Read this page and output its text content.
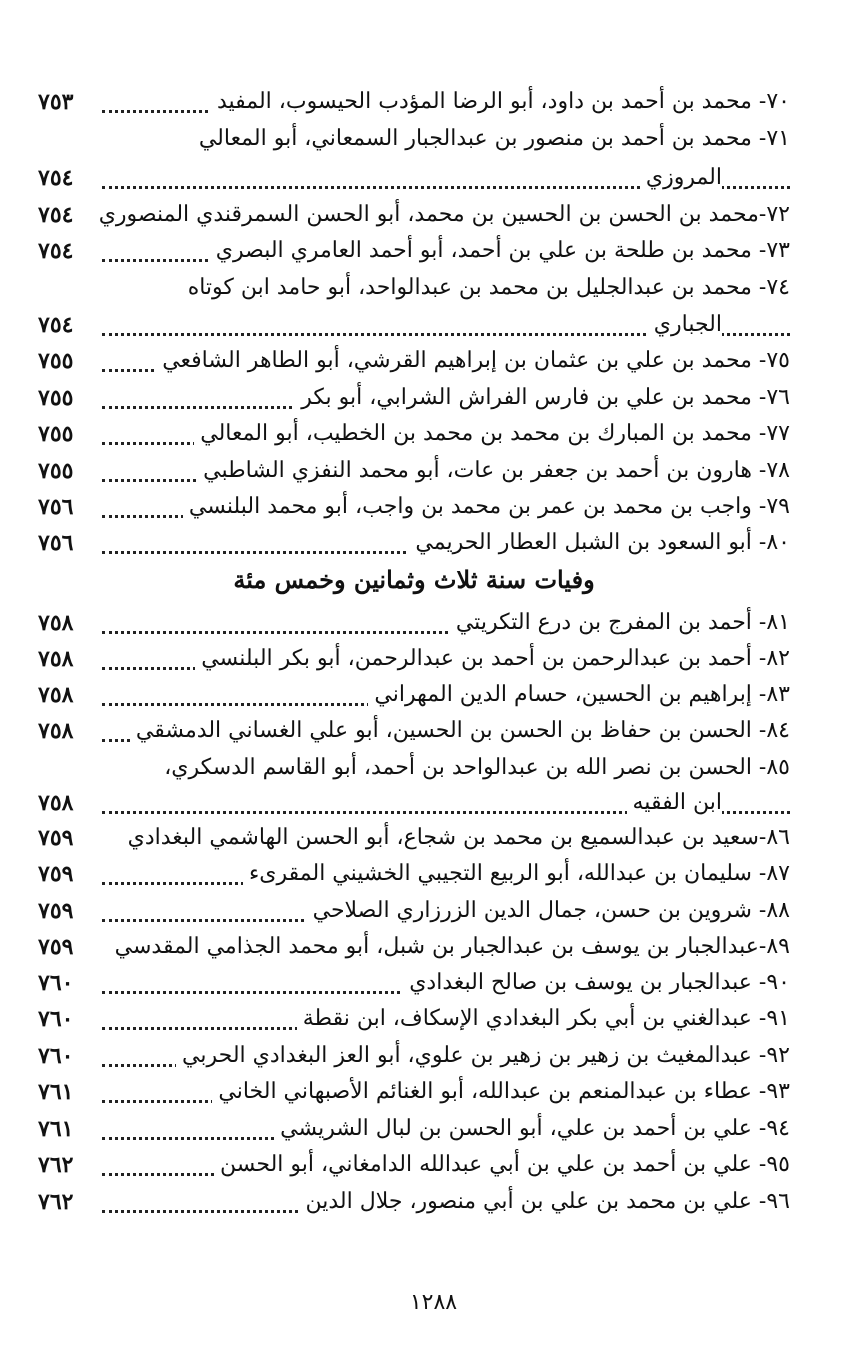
٧٠- محمد بن أحمد بن داود، أبو الرضا المؤدب الحيسوب، المفيد
٧٥٣
٧١- محمد بن أحمد بن منصور بن عبدالجبار السمعاني، أبو المعالي
المروزي
٧٥٤
٧٢-محمد بن الحسن بن الحسين بن محمد، أبو الحسن السمرقندي المنصوري
٧٥٤
٧٣- محمد بن طلحة بن علي بن أحمد، أبو أحمد العامري البصري
٧٥٤
٧٤- محمد بن عبدالجليل بن محمد بن عبدالواحد، أبو حامد ابن كوتاه
الجباري
٧٥٤
٧٥- محمد بن علي بن عثمان بن إبراهيم القرشي، أبو الطاهر الشافعي
٧٥٥
٧٦- محمد بن علي بن فارس الفراش الشرابي، أبو بكر
٧٥٥
٧٧- محمد بن المبارك بن محمد بن محمد بن الخطيب، أبو المعالي
٧٥٥
٧٨- هارون بن أحمد بن جعفر بن عات، أبو محمد النفزي الشاطبي
٧٥٥
٧٩- واجب بن محمد بن عمر بن محمد بن واجب، أبو محمد البلنسي
٧٥٦
٨٠- أبو السعود بن الشبل العطار الحريمي
٧٥٦
وفيات سنة ثلاث وثمانين وخمس مئة
٨١- أحمد بن المفرج بن درع التكريتي
٧٥٨
٨٢- أحمد بن عبدالرحمن بن أحمد بن عبدالرحمن، أبو بكر البلنسي
٧٥٨
٨٣- إبراهيم بن الحسين، حسام الدين المهراني
٧٥٨
٨٤- الحسن بن حفاظ بن الحسن بن الحسين، أبو علي الغساني الدمشقي
٧٥٨
٨٥- الحسن بن نصر الله بن عبدالواحد بن أحمد، أبو القاسم الدسكري،
ابن الفقيه
٧٥٨
٨٦-سعيد بن عبدالسميع بن محمد بن شجاع، أبو الحسن الهاشمي البغدادي
٧٥٩
٨٧- سليمان بن عبدالله، أبو الربيع التجيبي الخشيني المقرىء
٧٥٩
٨٨- شروين بن حسن، جمال الدين الزرزاري الصلاحي
٧٥٩
٨٩-عبدالجبار بن يوسف بن عبدالجبار بن شبل، أبو محمد الجذامي المقدسي
٧٥٩
٩٠- عبدالجبار بن يوسف بن صالح البغدادي
٧٦٠
٩١- عبدالغني بن أبي بكر البغدادي الإسكاف، ابن نقطة
٧٦٠
٩٢- عبدالمغيث بن زهير بن زهير بن علوي، أبو العز البغدادي الحربي
٧٦٠
٩٣- عطاء بن عبدالمنعم بن عبدالله، أبو الغنائم الأصبهاني الخاني
٧٦١
٩٤- علي بن أحمد بن علي، أبو الحسن بن لبال الشريشي
٧٦١
٩٥- علي بن أحمد بن علي بن أبي عبدالله الدامغاني، أبو الحسن
٧٦٢
٩٦- علي بن محمد بن علي بن أبي منصور، جلال الدين
٧٦٢
١٢٨٨
